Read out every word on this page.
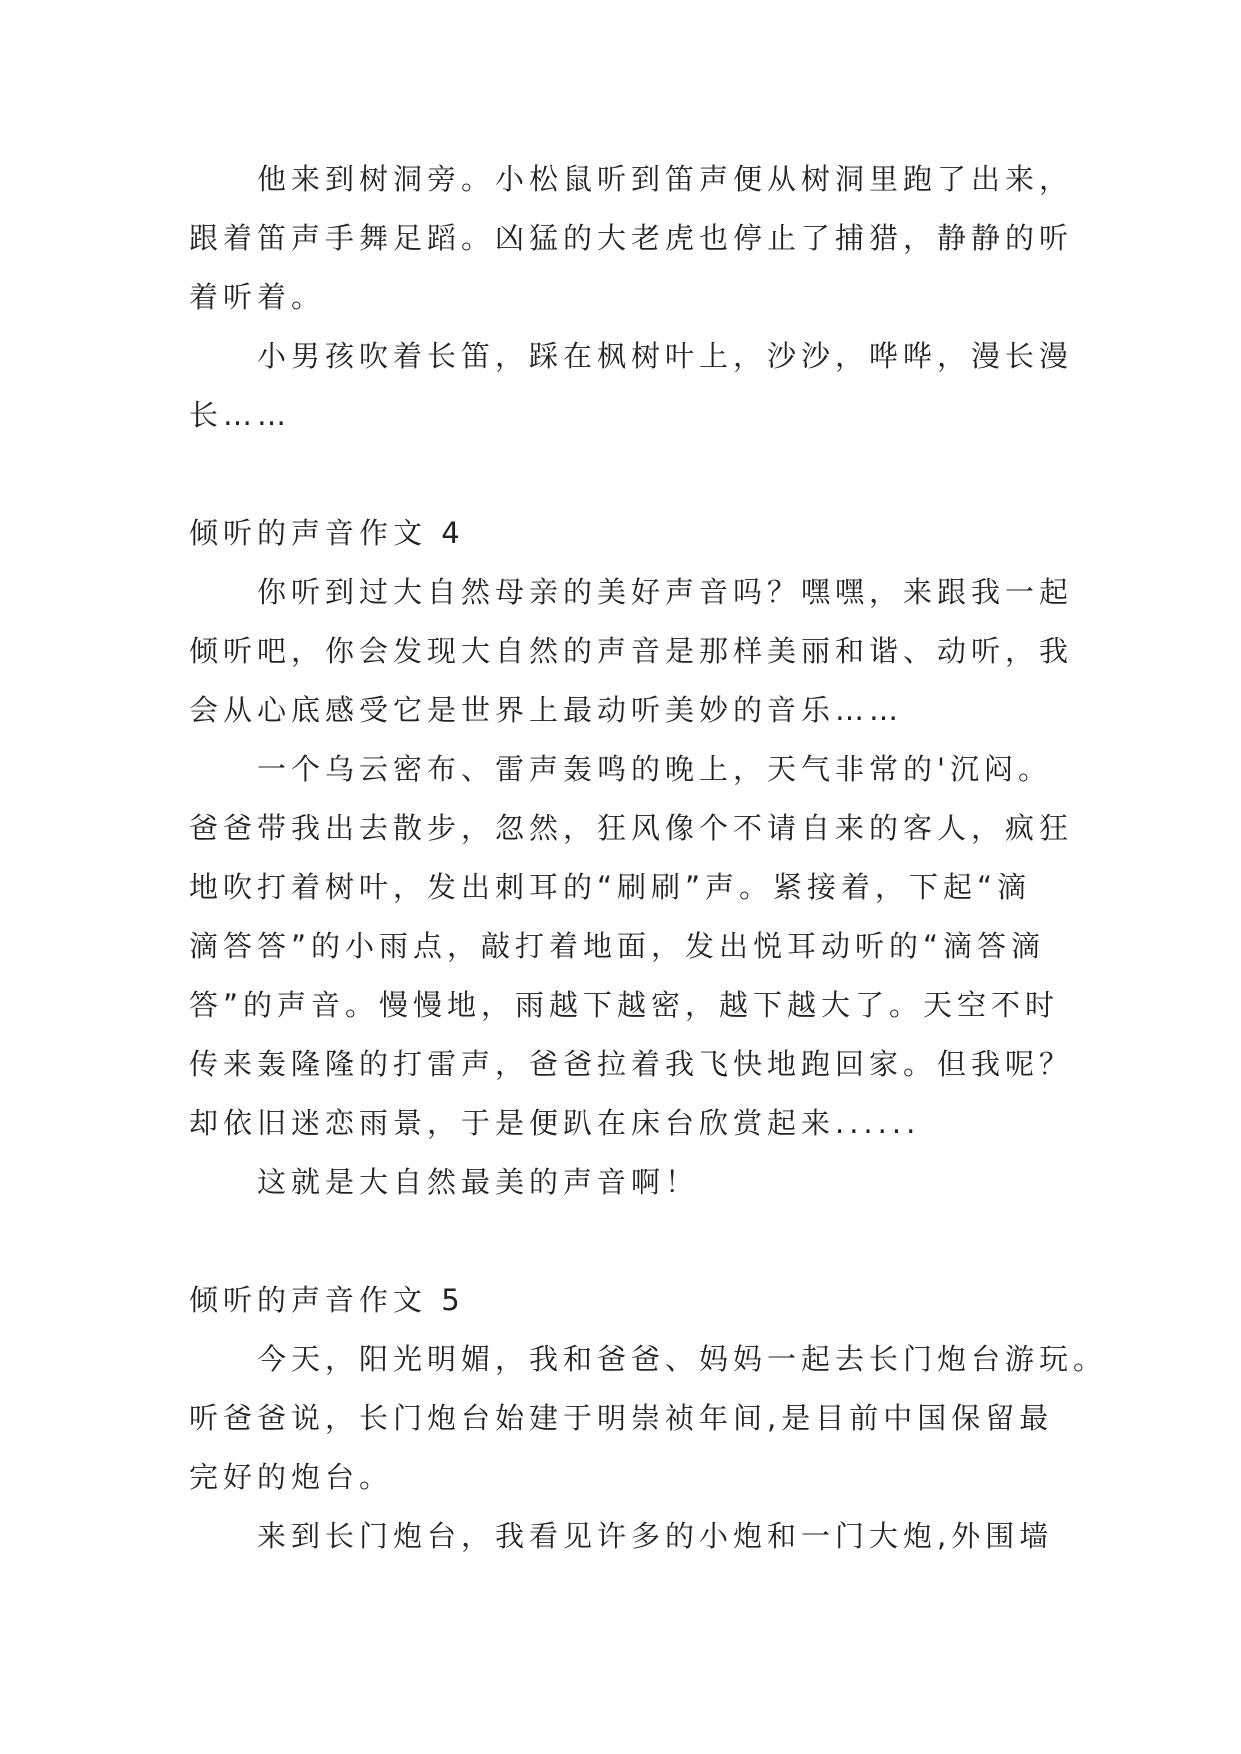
他来到树洞旁。小松鼠听到笛声便从树洞里跑了出来，

跟着笛声手舞足蹈。凶猛的大老虎也停止了捕猎，静静的听

着听着。

小男孩吹着长笛，踩在枫树叶上，沙沙，哗哗，漫长漫

长……

倾听的声音作文 4

你听到过大自然母亲的美好声音吗？嘿嘿，来跟我一起

倾听吧，你会发现大自然的声音是那样美丽和谐、动听，我

会从心底感受它是世界上最动听美妙的音乐……

一个乌云密布、雷声轰鸣的晚上，天气非常的'沉闷。

爸爸带我出去散步，忽然，狂风像个不请自来的客人，疯狂

地吹打着树叶，发出刺耳的“刷刷”声。紧接着，下起“滴

滴答答”的小雨点，敲打着地面，发出悦耳动听的“滴答滴

答”的声音。慢慢地，雨越下越密，越下越大了。天空不时

传来轰隆隆的打雷声，爸爸拉着我飞快地跑回家。但我呢？

却依旧迷恋雨景，于是便趴在床台欣赏起来......

这就是大自然最美的声音啊！

倾听的声音作文 5

今天，阳光明媚，我和爸爸、妈妈一起去长门炮台游玩。

听爸爸说，长门炮台始建于明崇祯年间,是目前中国保留最

完好的炮台。

来到长门炮台，我看见许多的小炮和一门大炮,外围墙
